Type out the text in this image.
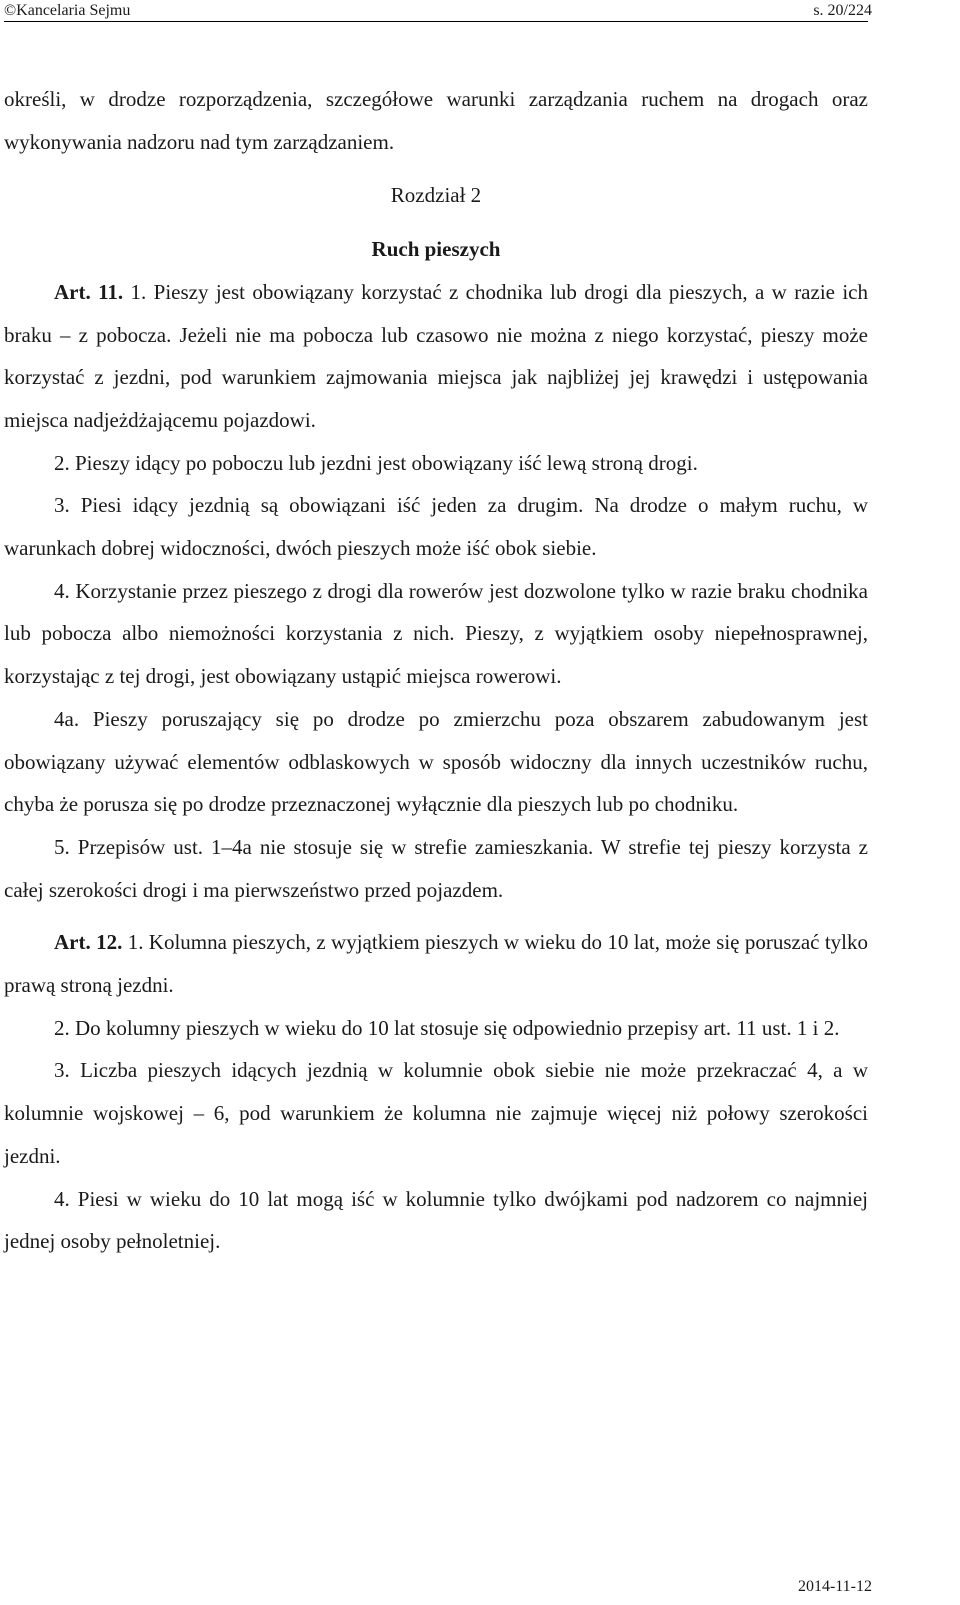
©Kancelaria Sejmu	s. 20/224

określi, w drodze rozporządzenia, szczegółowe warunki zarządzania ruchem na drogach oraz wykonywania nadzoru nad tym zarządzaniem.

Rozdział 2

Ruch pieszych

Art. 11. 1. Pieszy jest obowiązany korzystać z chodnika lub drogi dla pieszych, a w razie ich braku – z pobocza. Jeżeli nie ma pobocza lub czasowo nie można z niego korzystać, pieszy może korzystać z jezdni, pod warunkiem zajmowania miejsca jak najbliżej jej krawędzi i ustępowania miejsca nadjeżdżającemu pojazdowi.

2. Pieszy idący po poboczu lub jezdni jest obowiązany iść lewą stroną drogi.

3. Piesi idący jezdnią są obowiązani iść jeden za drugim. Na drodze o małym ruchu, w warunkach dobrej widoczności, dwóch pieszych może iść obok siebie.

4. Korzystanie przez pieszego z drogi dla rowerów jest dozwolone tylko w razie braku chodnika lub pobocza albo niemożności korzystania z nich. Pieszy, z wyjątkiem osoby niepełnosprawnej, korzystając z tej drogi, jest obowiązany ustąpić miejsca rowerowi.

4a. Pieszy poruszający się po drodze po zmierzchu poza obszarem zabudowanym jest obowiązany używać elementów odblaskowych w sposób widoczny dla innych uczestników ruchu, chyba że porusza się po drodze przeznaczonej wyłącznie dla pieszych lub po chodniku.

5. Przepisów ust. 1–4a nie stosuje się w strefie zamieszkania. W strefie tej pieszy korzysta z całej szerokości drogi i ma pierwszeństwo przed pojazdem.

Art. 12. 1. Kolumna pieszych, z wyjątkiem pieszych w wieku do 10 lat, może się poruszać tylko prawą stroną jezdni.

2. Do kolumny pieszych w wieku do 10 lat stosuje się odpowiednio przepisy art. 11 ust. 1 i 2.

3. Liczba pieszych idących jezdnią w kolumnie obok siebie nie może przekraczać 4, a w kolumnie wojskowej – 6, pod warunkiem że kolumna nie zajmuje więcej niż połowy szerokości jezdni.

4. Piesi w wieku do 10 lat mogą iść w kolumnie tylko dwójkami pod nadzorem co najmniej jednej osoby pełnoletniej.

2014-11-12
